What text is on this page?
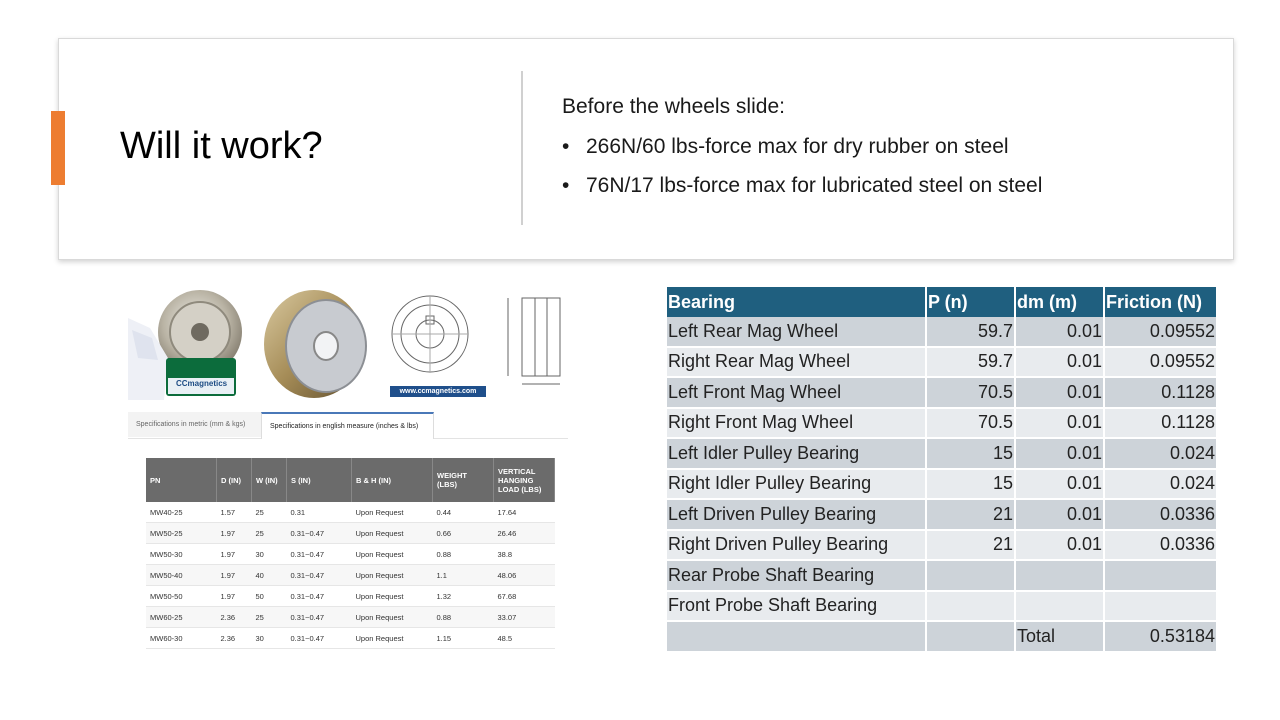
Will it work?

Before the wheels slide:

• 266N/60 lbs-force max for dry rubber on steel
• 76N/17 lbs-force max for lubricated steel on steel
CCmagnetics
www.ccmagnetics.com
Specifications in metric (mm & kgs)	Specifications in english measure (inches & lbs)
PN	D (IN)	W (IN)	S (IN)	B & H (IN)	WEIGHT (LBS)	VERTICAL HANGING LOAD (LBS)
MW40-25	1.57	25	0.31	Upon Request	0.44	17.64
MW50-25	1.97	25	0.31~0.47	Upon Request	0.66	26.46
MW50-30	1.97	30	0.31~0.47	Upon Request	0.88	38.8
MW50-40	1.97	40	0.31~0.47	Upon Request	1.1	48.06
MW50-50	1.97	50	0.31~0.47	Upon Request	1.32	67.68
MW60-25	2.36	25	0.31~0.47	Upon Request	0.88	33.07
MW60-30	2.36	30	0.31~0.47	Upon Request	1.15	48.5
Bearing	P (n)	dm (m)	Friction (N)
Left Rear Mag Wheel	59.7	0.01	0.09552
Right Rear Mag Wheel	59.7	0.01	0.09552
Left Front Mag Wheel	70.5	0.01	0.1128
Right Front Mag Wheel	70.5	0.01	0.1128
Left Idler Pulley Bearing	15	0.01	0.024
Right Idler Pulley Bearing	15	0.01	0.024
Left Driven Pulley Bearing	21	0.01	0.0336
Right Driven Pulley Bearing	21	0.01	0.0336
Rear Probe Shaft Bearing			
Front Probe Shaft Bearing			
		Total	0.53184
